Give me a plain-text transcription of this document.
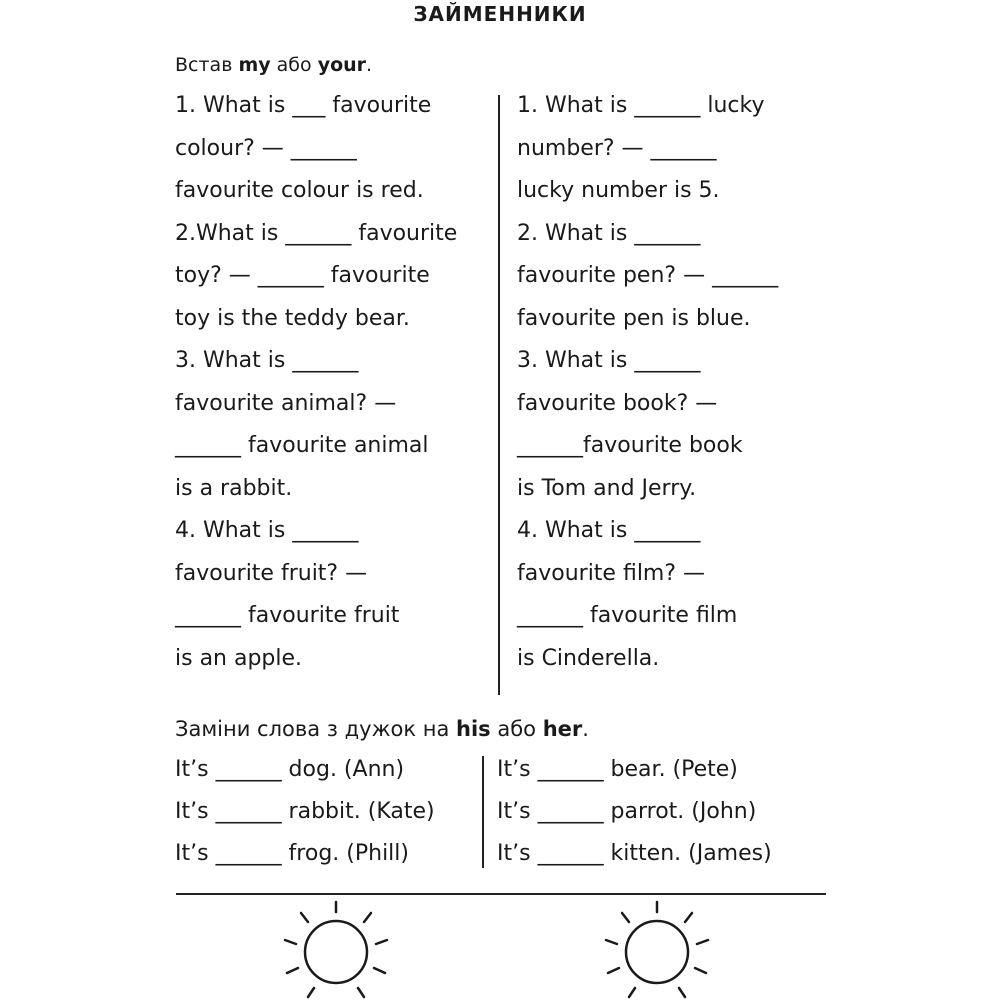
ЗАЙМЕННИКИ
Встав my або your.
1. What is ___ favourite
colour? — ______
favourite colour is red.
2.What is ______ favourite
toy? — ______ favourite
toy is the teddy bear.
3. What is ______
favourite animal? —
______ favourite animal
is a rabbit.
4. What is ______
favourite fruit? —
______ favourite fruit
is an apple.
1. What is ______ lucky
number? — ______
lucky number is 5.
2. What is ______
favourite pen? — ______
favourite pen is blue.
3. What is ______
favourite book? —
______favourite book
is Tom and Jerry.
4. What is ______
favourite film? —
______ favourite film
is Cinderella.
Заміни слова з дужок на his або her.
It’s ______ dog. (Ann)
It’s ______ rabbit. (Kate)
It’s ______ frog. (Phill)
It’s ______ bear. (Pete)
It’s ______ parrot. (John)
It’s ______ kitten. (James)
